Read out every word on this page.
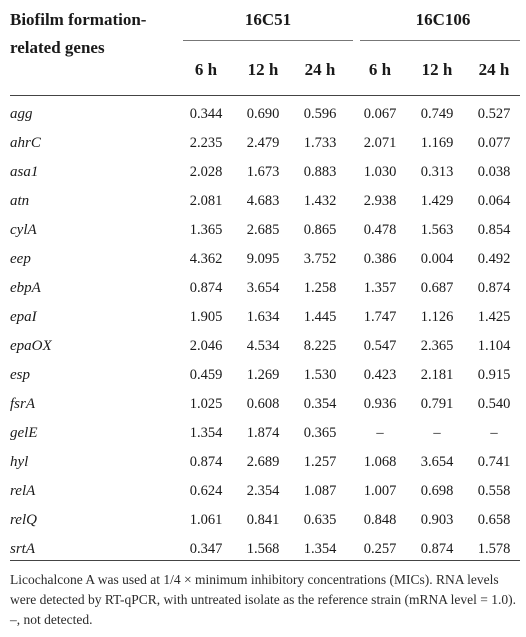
Biofilm formation-related genes
16C51	16C106
6 h	12 h	24 h	6 h	12 h	24 h
agg	0.344	0.690	0.596	0.067	0.749	0.527
ahrC	2.235	2.479	1.733	2.071	1.169	0.077
asa1	2.028	1.673	0.883	1.030	0.313	0.038
atn	2.081	4.683	1.432	2.938	1.429	0.064
cylA	1.365	2.685	0.865	0.478	1.563	0.854
eep	4.362	9.095	3.752	0.386	0.004	0.492
ebpA	0.874	3.654	1.258	1.357	0.687	0.874
epaI	1.905	1.634	1.445	1.747	1.126	1.425
epaOX	2.046	4.534	8.225	0.547	2.365	1.104
esp	0.459	1.269	1.530	0.423	2.181	0.915
fsrA	1.025	0.608	0.354	0.936	0.791	0.540
gelE	1.354	1.874	0.365	–	–	–
hyl	0.874	2.689	1.257	1.068	3.654	0.741
relA	0.624	2.354	1.087	1.007	0.698	0.558
relQ	1.061	0.841	0.635	0.848	0.903	0.658
srtA	0.347	1.568	1.354	0.257	0.874	1.578
Licochalcone A was used at 1/4 × minimum inhibitory concentrations (MICs). RNA levels were detected by RT-qPCR, with untreated isolate as the reference strain (mRNA level = 1.0). –, not detected.
